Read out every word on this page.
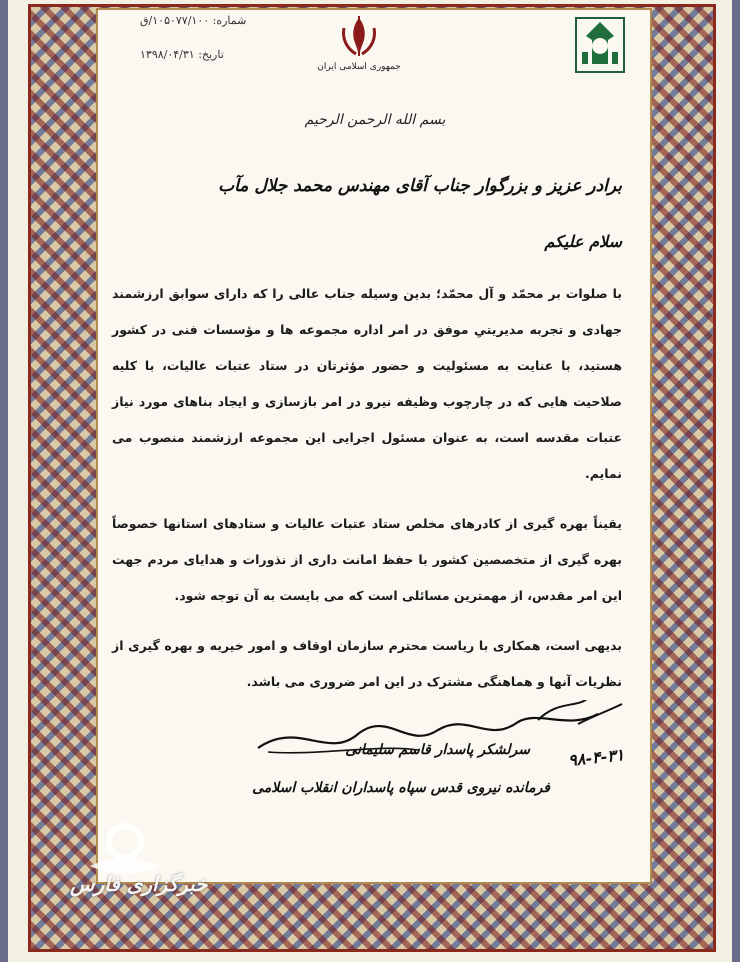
شماره: ۱۰۵۰۷۷/۱۰۰/ق
تاریخ: ۱۳۹۸/۰۴/۳۱
جمهوری اسلامی ایران
بسم الله الرحمن الرحیم
برادر عزیز و بزرگوار جناب آقای مهندس محمد جلال مآب
سلام علیکم

با صلوات بر محمّد و آل محمّد؛ بدین وسیله جناب عالی را که دارای سوابق ارزشمند جهادی و تجربه مدیریتیِ موفق در امر اداره مجموعه ها و مؤسسات فنی در کشور هستید، با عنایت به مسئولیت و حضور مؤثرتان در ستاد عتبات عالیات، با کلیه صلاحیت هایی که در چارچوب وظیفه نیرو در امر بازسازی و ایجاد بناهای مورد نیاز عتبات مقدسه است، به عنوان مسئول اجرایی این مجموعه ارزشمند منصوب می نمایم.

یقیناً بهره گیری از کادرهای مخلص ستاد عتبات عالیات و ستادهای استانها خصوصاً بهره گیری از متخصصین کشور با حفظ امانت داری از نذورات و هدایای مردم جهت این امر مقدس، از مهمترین مسائلی است که می بایست به آن توجه شود.

بدیهی است، همکاری با ریاست محترم سازمان اوقاف و امور خیریه و بهره گیری از نظریات آنها و هماهنگی مشترک در این امر ضروری می باشد.

سرلشکر پاسدار قاسم سلیمانی ۹۸-۴-۳۱
فرمانده نیروی قدس سپاه پاسداران انقلاب اسلامی
خبرگزاری فارس
